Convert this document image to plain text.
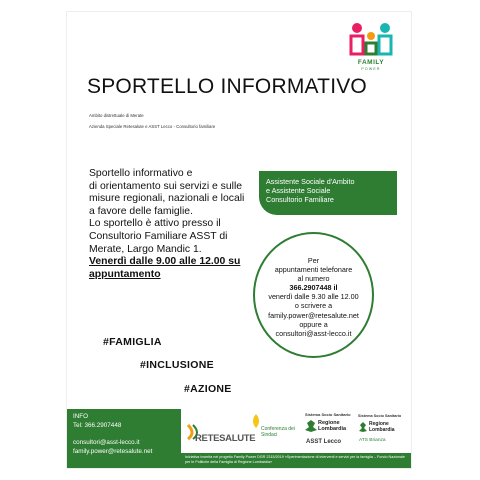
FAMILY
POWER
SPORTELLO INFORMATIVO
Ambito distrettuale di Merate
Azienda Speciale Retesalute e ASST Lecco - Consultorio familiare
Sportello informativo e
di orientamento sui servizi e sulle
misure regionali, nazionali e locali
a favore delle famiglie.
Lo sportello è attivo presso il
Consultorio Familiare ASST di
Merate, Largo Mandic 1.
Venerdì dalle 9.00 alle 12.00 su
appuntamento
Assistente Sociale d'Ambito
e Assistente Sociale
Consultorio Familiare
Per
appuntamenti telefonare
al numero
366.2907448 il
venerdì dalle 9.30 alle 12.00
o scrivere a
family.power@retesalute.net
oppure a
consultori@asst-lecco.it
#FAMIGLIA
#INCLUSIONE
#AZIONE
INFO
Tel: 366.2907448
consultori@asst-lecco.it
family.power@retesalute.net
RETESALUTE
Conferenza dei Sindaci
Sistema Socio Sanitario
Regione Lombardia
ASST Lecco
Sistema Socio Sanitario
Regione Lombardia
ATS Brianza
Iniziativa inserita nel progetto Family Power DGR 2315/2019 «Sperimentazione di interventi e servizi per la famiglia – Fondo Nazionale per le Politiche della Famiglia di Regione Lombardia»
